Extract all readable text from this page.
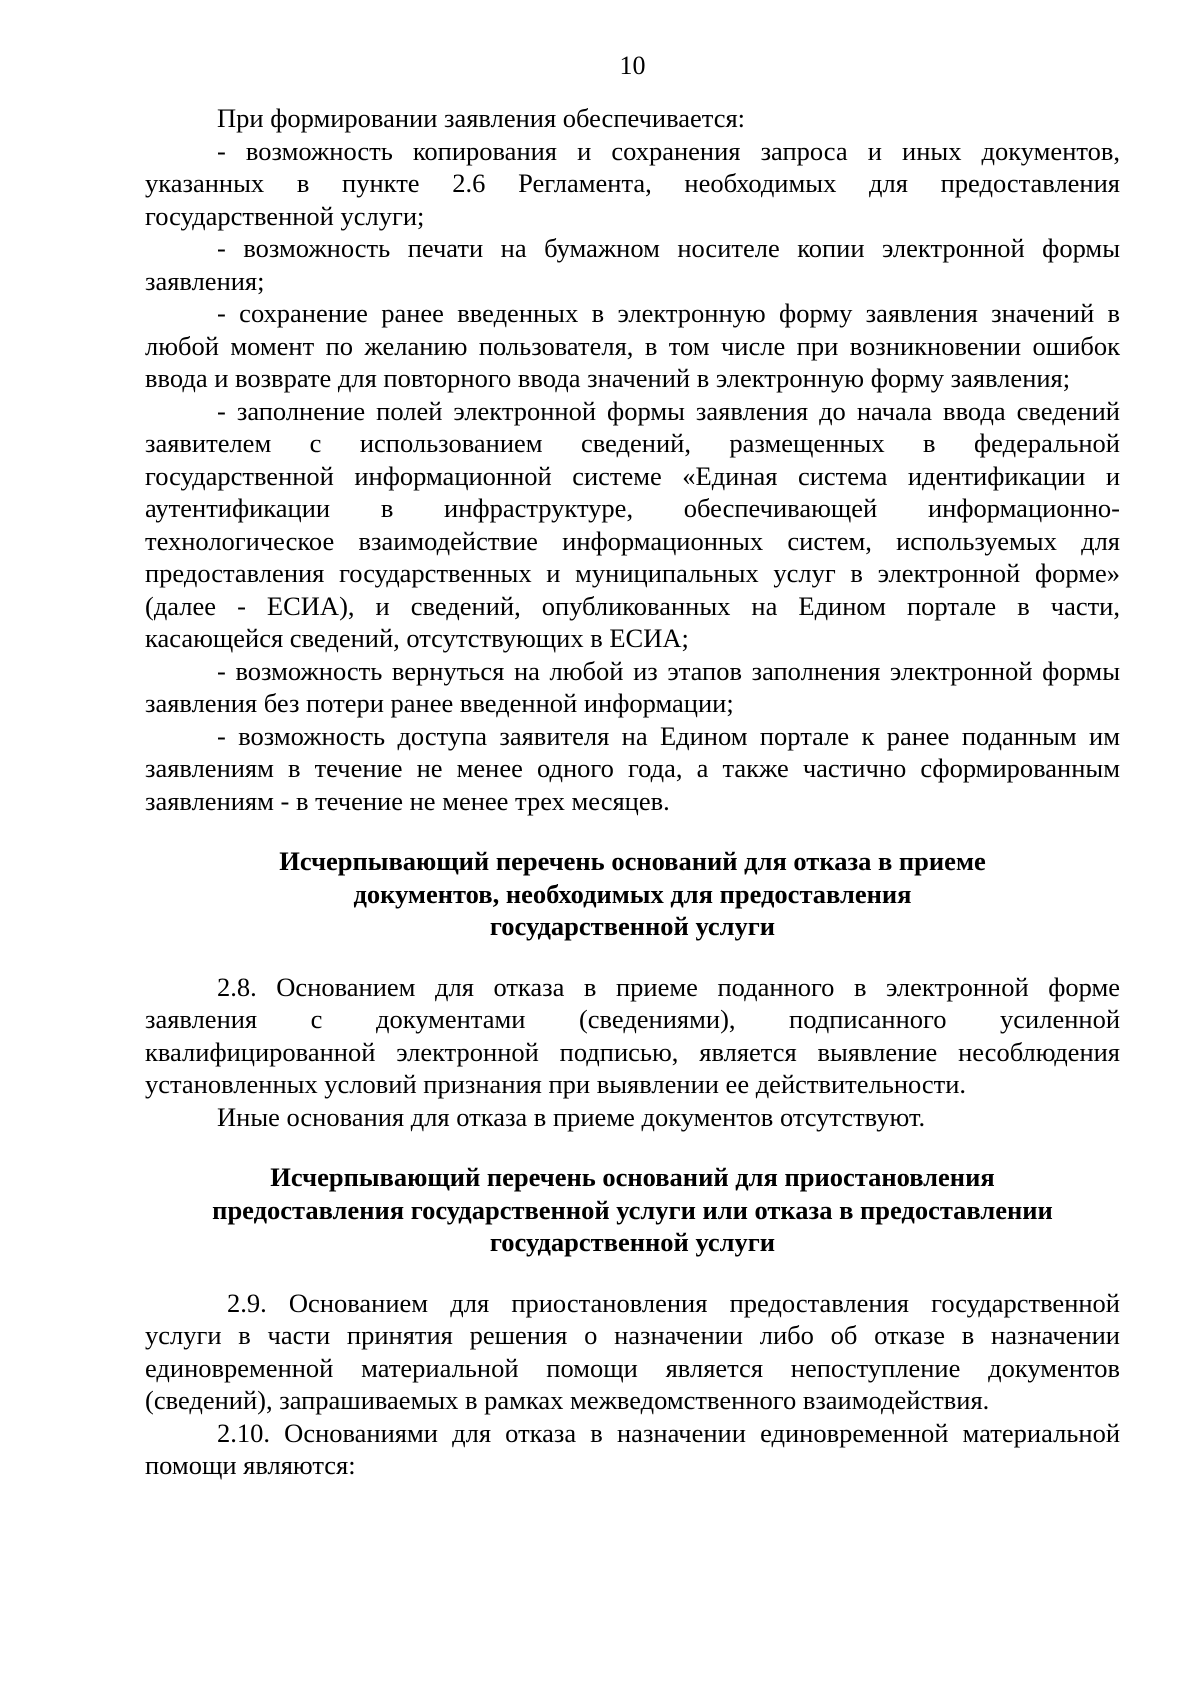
10

При формировании заявления обеспечивается:

- возможность копирования и сохранения запроса и иных документов, указанных в пункте 2.6 Регламента, необходимых для предоставления государственной услуги;

- возможность печати на бумажном носителе копии электронной формы заявления;

- сохранение ранее введенных в электронную форму заявления значений в любой момент по желанию пользователя, в том числе при возникновении ошибок ввода и возврате для повторного ввода значений в электронную форму заявления;

- заполнение полей электронной формы заявления до начала ввода сведений заявителем с использованием сведений, размещенных в федеральной государственной информационной системе «Единая система идентификации и аутентификации в инфраструктуре, обеспечивающей информационно-технологическое взаимодействие информационных систем, используемых для предоставления государственных и муниципальных услуг в электронной форме» (далее - ЕСИА), и сведений, опубликованных на Едином портале в части, касающейся сведений, отсутствующих в ЕСИА;

- возможность вернуться на любой из этапов заполнения электронной формы заявления без потери ранее введенной информации;

- возможность доступа заявителя на Едином портале к ранее поданным им заявлениям в течение не менее одного года, а также частично сформированным заявлениям - в течение не менее трех месяцев.

Исчерпывающий перечень оснований для отказа в приеме
документов, необходимых для предоставления
государственной услуги

2.8. Основанием для отказа в приеме поданного в электронной форме заявления с документами (сведениями), подписанного усиленной квалифицированной электронной подписью, является выявление несоблюдения установленных условий признания при выявлении ее действительности.

Иные основания для отказа в приеме документов отсутствуют.

Исчерпывающий перечень оснований для приостановления
предоставления государственной услуги или отказа в предоставлении
государственной услуги

2.9. Основанием для приостановления предоставления государственной услуги в части принятия решения о назначении либо об отказе в назначении единовременной материальной помощи является непоступление документов (сведений), запрашиваемых в рамках межведомственного взаимодействия.

2.10. Основаниями для отказа в назначении единовременной материальной помощи являются:
